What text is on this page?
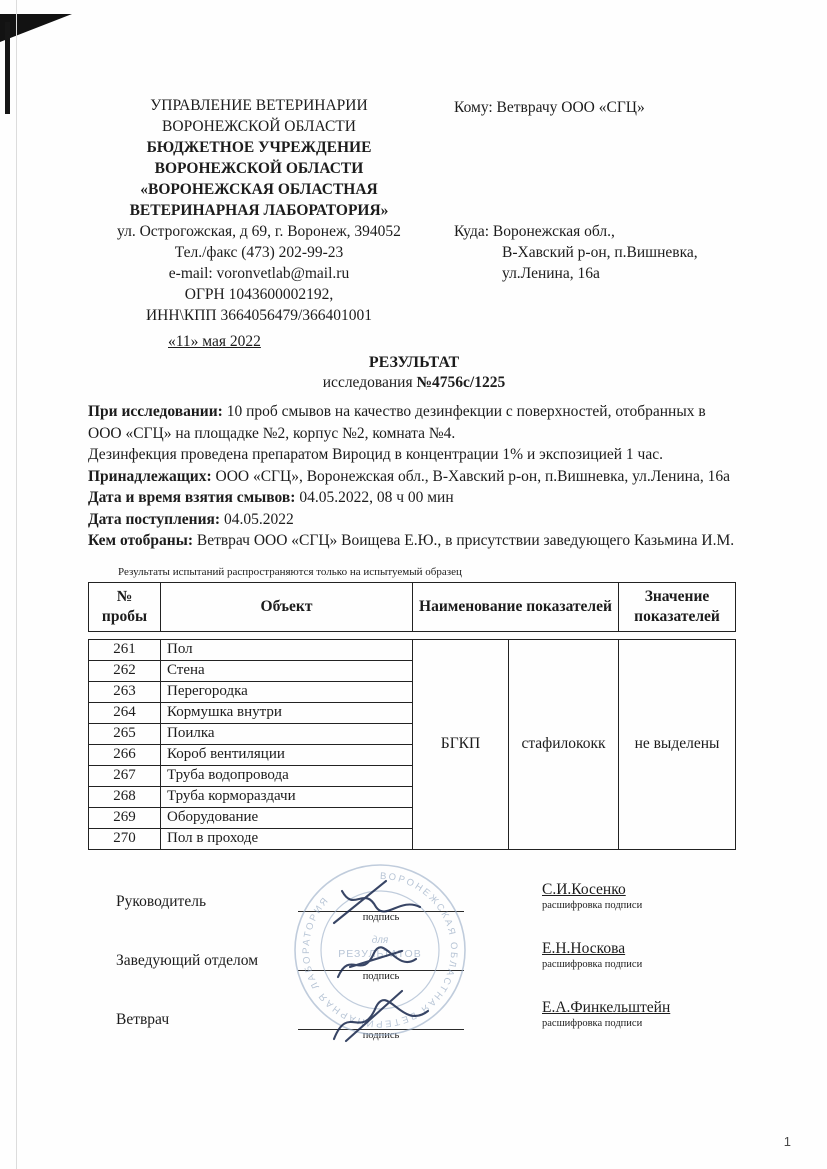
УПРАВЛЕНИЕ ВЕТЕРИНАРИИ
ВОРОНЕЖСКОЙ ОБЛАСТИ
БЮДЖЕТНОЕ УЧРЕЖДЕНИЕ
ВОРОНЕЖСКОЙ ОБЛАСТИ
«ВОРОНЕЖСКАЯ ОБЛАСТНАЯ
ВЕТЕРИНАРНАЯ ЛАБОРАТОРИЯ»
ул. Острогожская, д 69, г. Воронеж, 394052
Тел./факс (473) 202-99-23
e-mail: voronvetlab@mail.ru
ОГРН 1043600002192,
ИНН\КПП 3664056479/366401001
Кому: Ветврачу ООО «СГЦ»
Куда: Воронежская обл.,
В-Хавский р-он, п.Вишневка,
ул.Ленина, 16а
«11» мая 2022
РЕЗУЛЬТАТ
исследования №4756с/1225

При исследовании: 10 проб смывов на качество дезинфекции с поверхностей, отобранных в ООО «СГЦ» на площадке №2, корпус №2, комната №4.

Дезинфекция проведена препаратом Вироцид в концентрации 1% и экспозицией 1 час.

Принадлежащих: ООО «СГЦ», Воронежская обл., В-Хавский р-он, п.Вишневка, ул.Ленина, 16а

Дата и время взятия смывов: 04.05.2022, 08 ч 00 мин

Дата поступления: 04.05.2022

Кем отобраны: Ветврач ООО «СГЦ» Воищева Е.Ю., в присутствии заведующего Казьмина И.М.

Результаты испытаний распространяются только на испытуемый образец
№ пробы	Объект	Наименование показателей	Значение показателей
261	Пол	БГКП	стафилококк	не выделены
262	Стена			
263	Перегородка			
264	Кормушка внутри			
265	Поилка			
266	Короб вентиляции			
267	Труба водопровода			
268	Труба кормораздачи			
269	Оборудование			
270	Пол в проходе			
Руководитель
подпись
С.И.Косенко
расшифровка подписи
Заведующий отделом
подпись
Е.Н.Носкова
расшифровка подписи
Ветврач
подпись
Е.А.Финкельштейн
расшифровка подписи
ВОРОНЕЖСКАЯ ОБЛАСТНАЯ ВЕТЕРИНАРНАЯ ЛАБОРАТОРИЯ
для
РЕЗУЛЬТАТОВ
1
